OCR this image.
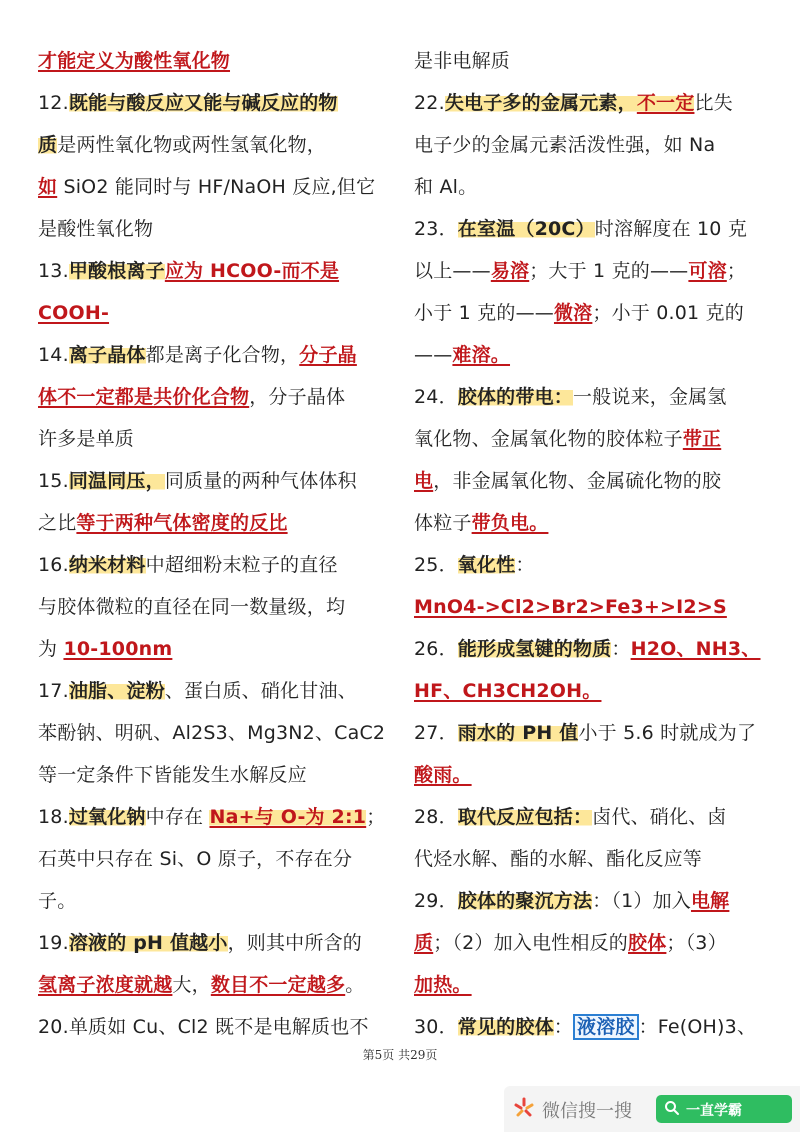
才能定义为酸性氧化物
12.既能与酸反应又能与碱反应的物
质是两性氧化物或两性氢氧化物，
如 SiO2 能同时与 HF/NaOH 反应,但它
是酸性氧化物
13.甲酸根离子应为 HCOO-而不是
COOH-
14.离子晶体都是离子化合物，分子晶
体不一定都是共价化合物，分子晶体
许多是单质
15.同温同压，同质量的两种气体体积
之比等于两种气体密度的反比
16.纳米材料中超细粉末粒子的直径
与胶体微粒的直径在同一数量级，均
为 10-100nm
17.油脂、淀粉、蛋白质、硝化甘油、
苯酚钠、明矾、Al2S3、Mg3N2、CaC2
等一定条件下皆能发生水解反应
18.过氧化钠中存在 Na+与 O-为 2:1；
石英中只存在 Si、O 原子，不存在分
子。
19.溶液的 pH 值越小，则其中所含的
氢离子浓度就越大，数目不一定越多。
20.单质如 Cu、Cl2 既不是电解质也不
是非电解质
22.失电子多的金属元素，不一定比失
电子少的金属元素活泼性强，如 Na
和 Al。
23．在室温（20C）时溶解度在 10 克
以上——易溶；大于 1 克的——可溶；
小于 1 克的——微溶；小于 0.01 克的
——难溶。
24．胶体的带电：一般说来，金属氢
氧化物、金属氧化物的胶体粒子带正
电，非金属氧化物、金属硫化物的胶
体粒子带负电。
25．氧化性：
MnO4->Cl2>Br2>Fe3+>I2>S
26．能形成氢键的物质：H2O、NH3、
HF、CH3CH2OH。
27．雨水的 PH 值小于 5.6 时就成为了
酸雨。
28．取代反应包括：卤代、硝化、卤
代烃水解、酯的水解、酯化反应等
29．胶体的聚沉方法：（1）加入电解
质；（2）加入电性相反的胶体；（3）
加热。
30．常见的胶体： 液溶胶 ：Fe(OH)3、
第5页 共29页
微信搜一搜	一直学霸
